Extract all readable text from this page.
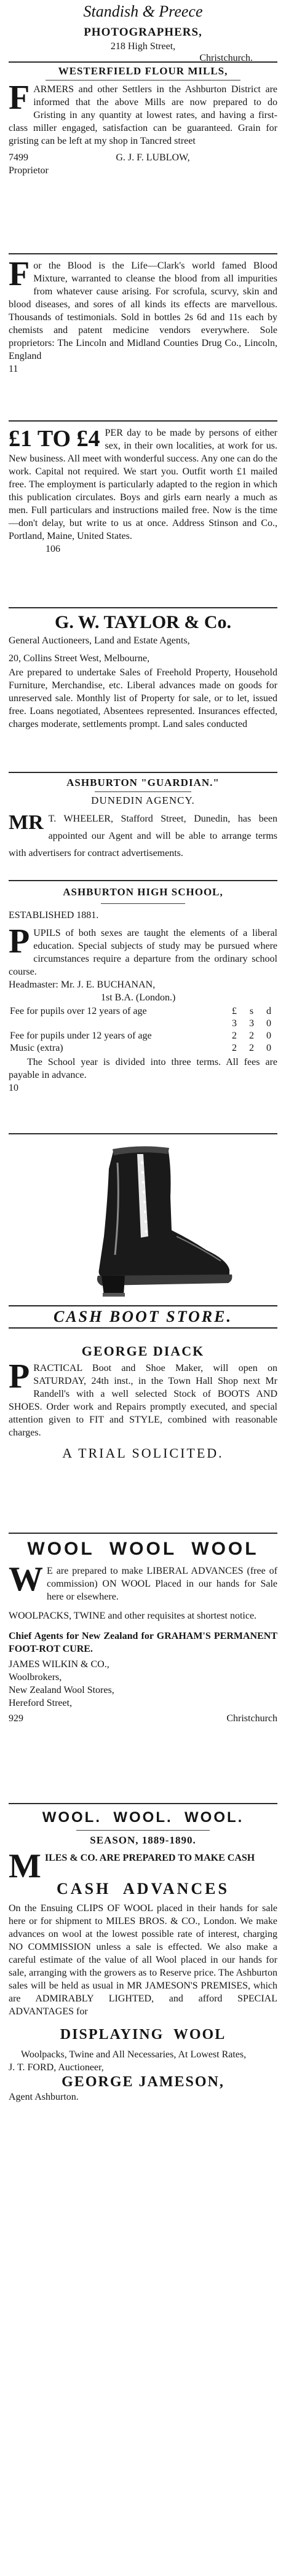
Standish & Preece
PHOTOGRAPHERS,
218 High Street,
Christchurch.
WESTERFIELD FLOUR MILLS,
F ARMERS and other Settlers in the Ashburton District are informed that the above Mills are now prepared to do Gristing in any quantity at lowest rates, and having a first-class miller engaged, satisfaction can be guaranteed. Grain for gristing can be left at my shop in Tancred street
7499	G. J. F. LUBLOW,
Proprietor
F or the Blood is the Life—Clark's world famed Blood Mixture, warranted to cleanse the blood from all impurities from whatever cause arising. For scrofula, scurvy, skin and blood diseases, and sores of all kinds its effects are marvellous. Thousands of testimonials. Sold in bottles 2s 6d and 11s each by chemists and patent medicine vendors everywhere. Sole proprietors: The Lincoln and Midland Counties Drug Co., Lincoln, England
11
£1 TO £4 PER day to be made by persons of either sex, in their own localities, at work for us. New business. All meet with wonderful success. Any one can do the work. Capital not required. We start you. Outfit worth £1 mailed free. The employment is particularly adapted to the region in which this publication circulates. Boys and girls earn nearly a much as men. Full particulars and instructions mailed free. Now is the time—don't delay, but write to us at once. Address Stinson and Co., Portland, Maine, United States.
106
G. W. TAYLOR & Co.
General Auctioneers, Land and Estate Agents,
20, Collins Street West, Melbourne,
Are prepared to undertake Sales of Freehold Property, Household Furniture, Merchandise, etc. Liberal advances made on goods for unreserved sale. Monthly list of Property for sale, or to let, issued free. Loans negotiated, Absentees represented. Insurances effected, charges moderate, settlements prompt. Land sales conducted
ASHBURTON "GUARDIAN."
DUNEDIN AGENCY.
MR T. WHEELER, Stafford Street, Dunedin, has been appointed our Agent and will be able to arrange terms with advertisers for contract advertisements.
ASHBURTON HIGH SCHOOL,
ESTABLISHED 1881.
P UPILS of both sexes are taught the elements of a liberal education. Special subjects of study may be pursued where circumstances require a departure from the ordinary school course.
Headmaster: Mr. J. E. BUCHANAN,
1st B.A. (London.)
Fee for pupils over 12 years of age	£	s	d
	3	3	0
Fee for pupils under 12 years of age	2	2	0
Music (extra)	2	2	0
The School year is divided into three terms. All fees are payable in advance.
10
CASH BOOT STORE.
GEORGE DIACK
P RACTICAL Boot and Shoe Maker, will open on SATURDAY, 24th inst., in the Town Hall Shop next Mr Randell's with a well selected Stock of BOOTS AND SHOES. Order work and Repairs promptly executed, and special attention given to FIT and STYLE, combined with reasonable charges.
A TRIAL SOLICITED.
WOOL  WOOL  WOOL
W E are prepared to make LIBERAL ADVANCES (free of commission) ON WOOL Placed in our hands for Sale here or elsewhere.
WOOLPACKS, TWINE and other requisites at shortest notice.
Chief Agents for New Zealand for GRAHAM'S PERMANENT FOOT-ROT CURE.
JAMES WILKIN & CO.,
Woolbrokers,
New Zealand Wool Stores,
Hereford Street,
929	Christchurch
WOOL.  WOOL.  WOOL.
SEASON, 1889-1890.
M ILES & CO. ARE PREPARED TO MAKE CASH
CASH  ADVANCES
On the Ensuing CLIPS OF WOOL placed in their hands for sale here or for shipment to MILES BROS. & CO., London. We make advances on wool at the lowest possible rate of interest, charging NO COMMISSION unless a sale is effected. We also make a careful estimate of the value of all Wool placed in our hands for sale, arranging with the growers as to Reserve price. The Ashburton sales will be held as usual in MR JAMESON'S PREMISES, which are ADMIRABLY LIGHTED, and afford SPECIAL ADVANTAGES for
DISPLAYING  WOOL
Woolpacks, Twine and All Necessaries, At Lowest Rates,
J. T. FORD, Auctioneer,
GEORGE JAMESON,
Agent Ashburton.
